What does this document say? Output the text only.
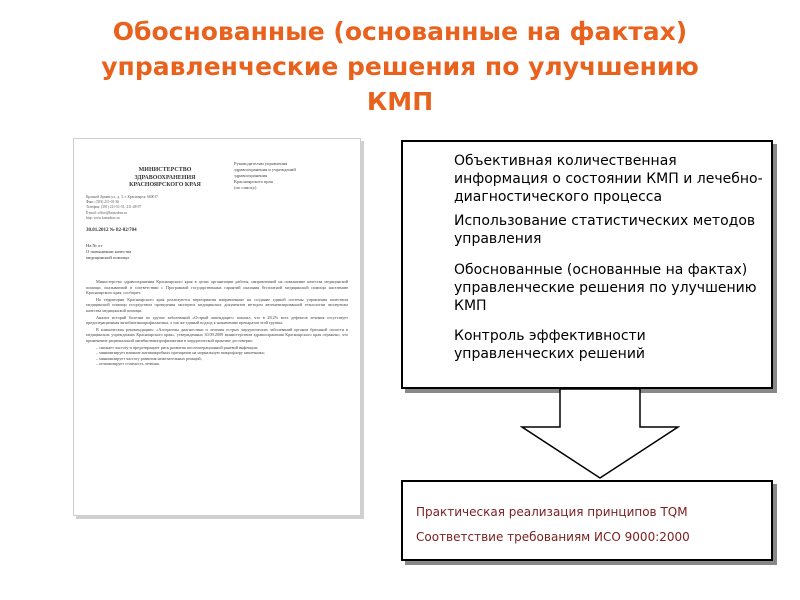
Обоснованные (основанные на фактах)
управленческие решения по улучшению
КМП
МИНИСТЕРСТВО
ЗДРАВООХРАНЕНИЯ
КРАСНОЯРСКОГО КРАЯ
Красной Армии ул., д. 3, г. Красноярск, 660017
Факс: (391) 211-01-36
Телефон: (391) 211-51-51, 211-48-97
E-mail: office@kraszdrav.ru
http: www.kraszdrav.ru
30.01.2012 № 82-02/704
Руководителям управления
здравоохранения и учреждений
здравоохранения
Красноярского края
(по списку)
На № от
О повышении качества
медицинской помощи

Министерство здравоохранения Красноярского края в целях организации работы, направленной на повышение качества медицинской помощи, оказываемой в соответствии с Программой государственных гарантий оказания бесплатной медицинской помощи населению Красноярского края, сообщает.

На территории Красноярского края реализуются мероприятия направленные на создание единой системы управления качеством медицинской помощи посредством проведения экспертиз медицинских документов методом автоматизированной технологии экспертизы качества медицинской помощи.

Анализ историй болезни по группе заболеваний «Острый аппендицит» показал, что в 28,2% всех дефектов лечения отсутствует предоперационная антибиотикопрофилактика, а так же единый подход к назначению препаратов этой группы.

В клинических рекомендациях: «Алгоритмы диагностики и лечения острых хирургических заболеваний органов брюшной полости в медицинских учреждениях Красноярского края», утвержденных 30.09.2009 министерством здравоохранения Красноярского края отражено, что применение рациональной антибиотикопрофилактики в хирургической практике достоверно:

– снижает частоту и предотвращает риск развития послеоперационной раневой инфекции;
– минимизирует влияние антимикробных препаратов на нормальную микрофлору кишечника;
– минимизирует частоту развития нежелательных реакций;
– оптимизирует стоимость лечения.
Объективная количественная
информация о состоянии КМП и лечебно-
диагностического процесса
Использование статистических методов
управления
Обоснованные (основанные на фактах)
управленческие решения по улучшению
КМП
Контроль эффективности
управленческих решений
Практическая реализация принципов TQM
Соответствие требованиям ИСО 9000:2000
